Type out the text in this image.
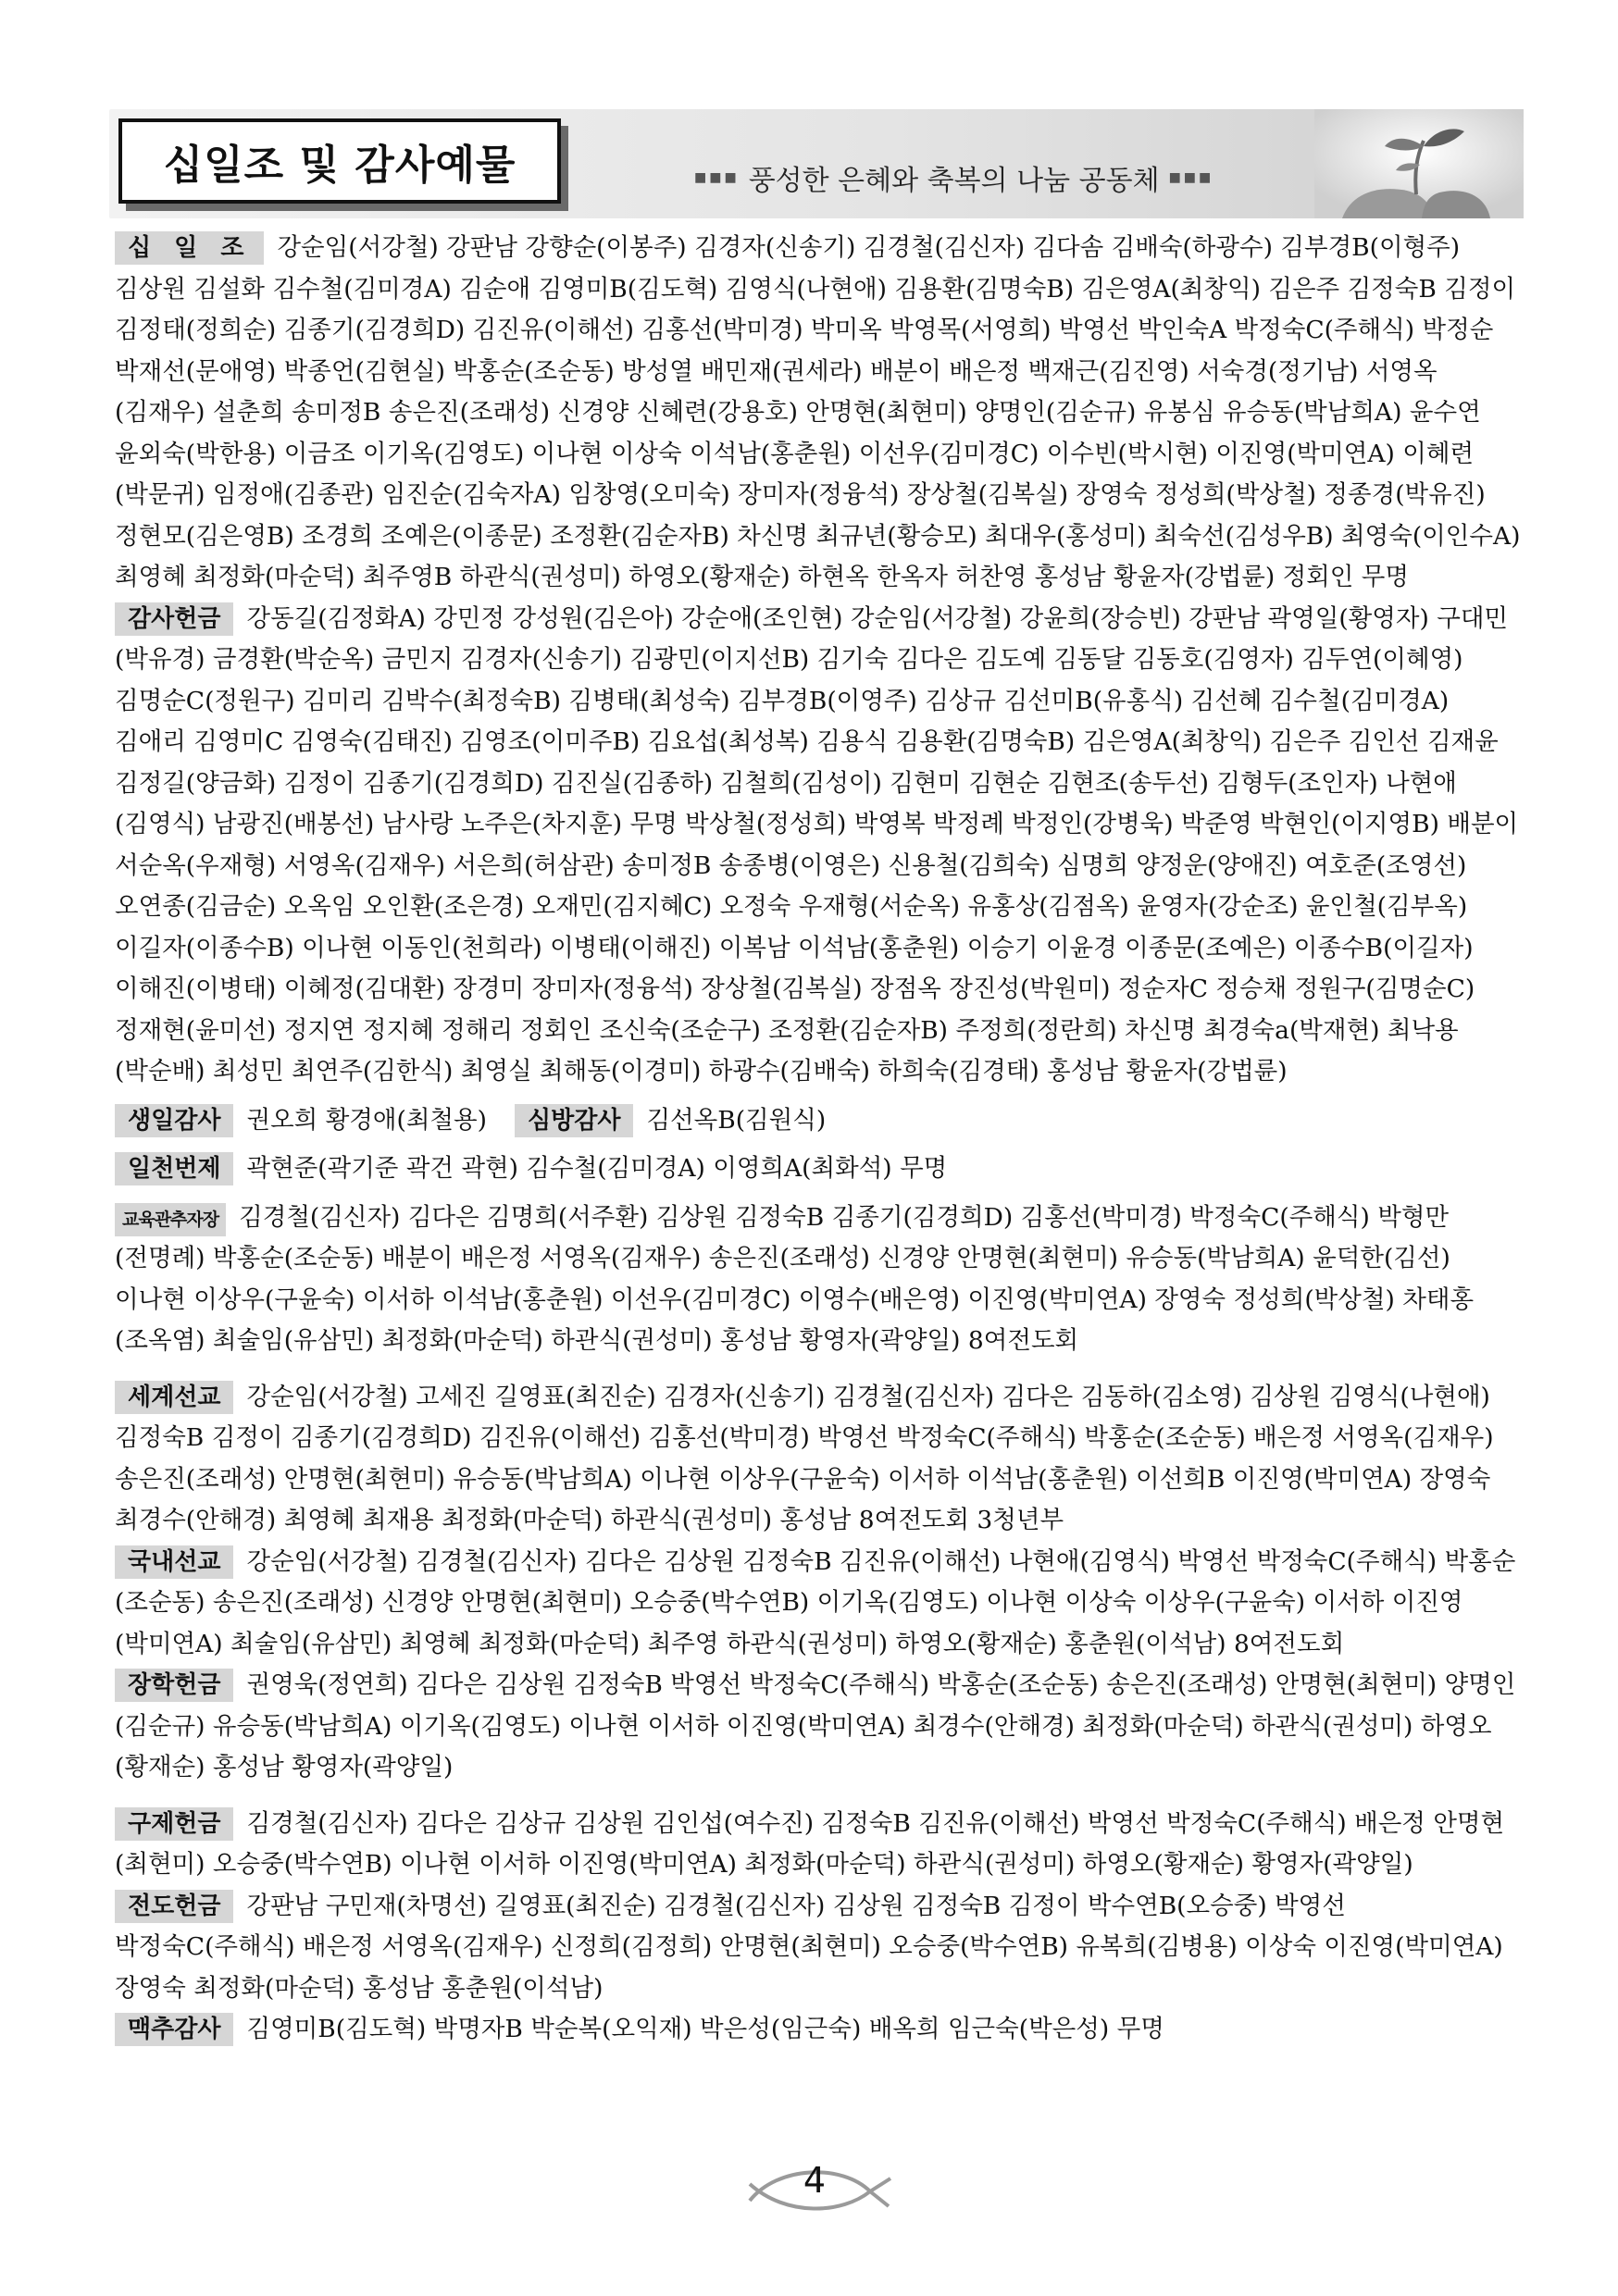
십일조 및 감사예물	■■■ 풍성한 은혜와 축복의 나눔 공동체 ■■■
십 일 조 강순임(서강철) 강판남 강향순(이봉주) 김경자(신송기) 김경철(김신자) 김다솜 김배숙(하광수) 김부경B(이형주) 김상원 김설화 김수철(김미경A) 김순애 김영미B(김도혁) 김영식(나현애) 김용환(김명숙B) 김은영A(최창익) 김은주 김정숙B 김정이 김정태(정희순) 김종기(김경희D) 김진유(이해선) 김홍선(박미경) 박미옥 박영목(서영희) 박영선 박인숙A 박정숙C(주해식) 박정순 박재선(문애영) 박종언(김현실) 박홍순(조순동) 방성열 배민재(권세라) 배분이 배은정 백재근(김진영) 서숙경(정기남) 서영옥(김재우) 설춘희 송미정B 송은진(조래성) 신경양 신혜련(강용호) 안명현(최현미) 양명인(김순규) 유봉심 유승동(박남희A) 윤수연 윤외숙(박한용) 이금조 이기옥(김영도) 이나현 이상숙 이석남(홍춘원) 이선우(김미경C) 이수빈(박시현) 이진영(박미연A) 이혜련(박문귀) 임정애(김종관) 임진순(김숙자A) 임창영(오미숙) 장미자(정융석) 장상철(김복실) 장영숙 정성희(박상철) 정종경(박유진) 정현모(김은영B) 조경희 조예은(이종문) 조정환(김순자B) 차신명 최규년(황승모) 최대우(홍성미) 최숙선(김성우B) 최영숙(이인수A) 최영혜 최정화(마순덕) 최주영B 하관식(권성미) 하영오(황재순) 하현옥 한옥자 허찬영 홍성남 황윤자(강법륜) 정회인 무명
감사헌금 강동길(김정화A) 강민정 강성원(김은아) 강순애(조인현) 강순임(서강철) 강윤희(장승빈) 강판남 곽영일(황영자) 구대민(박유경) 금경환(박순옥) 금민지 김경자(신송기) 김광민(이지선B) 김기숙 김다은 김도예 김동달 김동호(김영자) 김두연(이혜영) 김명순C(정원구) 김미리 김박수(최정숙B) 김병태(최성숙) 김부경B(이영주) 김상규 김선미B(유홍식) 김선혜 김수철(김미경A) 김애리 김영미C 김영숙(김태진) 김영조(이미주B) 김요섭(최성복) 김용식 김용환(김명숙B) 김은영A(최창익) 김은주 김인선 김재윤 김정길(양금화) 김정이 김종기(김경희D) 김진실(김종하) 김철희(김성이) 김현미 김현순 김현조(송두선) 김형두(조인자) 나현애(김영식) 남광진(배봉선) 남사랑 노주은(차지훈) 무명 박상철(정성희) 박영복 박정례 박정인(강병욱) 박준영 박현인(이지영B) 배분이 서순옥(우재형) 서영옥(김재우) 서은희(허삼관) 송미정B 송종병(이영은) 신용철(김희숙) 심명희 양정운(양애진) 여호준(조영선) 오연종(김금순) 오옥임 오인환(조은경) 오재민(김지혜C) 오정숙 우재형(서순옥) 유홍상(김점옥) 윤영자(강순조) 윤인철(김부옥) 이길자(이종수B) 이나현 이동인(천희라) 이병태(이해진) 이복남 이석남(홍춘원) 이승기 이윤경 이종문(조예은) 이종수B(이길자) 이해진(이병태) 이혜정(김대환) 장경미 장미자(정융석) 장상철(김복실) 장점옥 장진성(박원미) 정순자C 정승채 정원구(김명순C) 정재현(윤미선) 정지연 정지혜 정해리 정회인 조신숙(조순구) 조정환(김순자B) 주정희(정란희) 차신명 최경숙a(박재현) 최낙용(박순배) 최성민 최연주(김한식) 최영실 최해동(이경미) 하광수(김배숙) 하희숙(김경태) 홍성남 황윤자(강법륜)
생일감사 권오희 황경애(최철용) 심방감사 김선옥B(김원식)
일천번제 곽현준(곽기준 곽건 곽현) 김수철(김미경A) 이영희A(최화석) 무명
교육관추자장 김경철(김신자) 김다은 김명희(서주환) 김상원 김정숙B 김종기(김경희D) 김홍선(박미경) 박정숙C(주해식) 박형만(전명례) 박홍순(조순동) 배분이 배은정 서영옥(김재우) 송은진(조래성) 신경양 안명현(최현미) 유승동(박남희A) 윤덕한(김선) 이나현 이상우(구윤숙) 이서하 이석남(홍춘원) 이선우(김미경C) 이영수(배은영) 이진영(박미연A) 장영숙 정성희(박상철) 차태홍(조옥염) 최술임(유삼민) 최정화(마순덕) 하관식(권성미) 홍성남 황영자(곽양일) 8여전도회
세계선교 강순임(서강철) 고세진 길영표(최진순) 김경자(신송기) 김경철(김신자) 김다은 김동하(김소영) 김상원 김영식(나현애) 김정숙B 김정이 김종기(김경희D) 김진유(이해선) 김홍선(박미경) 박영선 박정숙C(주해식) 박홍순(조순동) 배은정 서영옥(김재우) 송은진(조래성) 안명현(최현미) 유승동(박남희A) 이나현 이상우(구윤숙) 이서하 이석남(홍춘원) 이선희B 이진영(박미연A) 장영숙 최경수(안해경) 최영혜 최재용 최정화(마순덕) 하관식(권성미) 홍성남 8여전도회 3청년부
국내선교 강순임(서강철) 김경철(김신자) 김다은 김상원 김정숙B 김진유(이해선) 나현애(김영식) 박영선 박정숙C(주해식) 박홍순(조순동) 송은진(조래성) 신경양 안명현(최현미) 오승중(박수연B) 이기옥(김영도) 이나현 이상숙 이상우(구윤숙) 이서하 이진영(박미연A) 최술임(유삼민) 최영혜 최정화(마순덕) 최주영 하관식(권성미) 하영오(황재순) 홍춘원(이석남) 8여전도회
장학헌금 권영욱(정연희) 김다은 김상원 김정숙B 박영선 박정숙C(주해식) 박홍순(조순동) 송은진(조래성) 안명현(최현미) 양명인(김순규) 유승동(박남희A) 이기옥(김영도) 이나현 이서하 이진영(박미연A) 최경수(안해경) 최정화(마순덕) 하관식(권성미) 하영오(황재순) 홍성남 황영자(곽양일)
구제헌금 김경철(김신자) 김다은 김상규 김상원 김인섭(여수진) 김정숙B 김진유(이해선) 박영선 박정숙C(주해식) 배은정 안명현(최현미) 오승중(박수연B) 이나현 이서하 이진영(박미연A) 최정화(마순덕) 하관식(권성미) 하영오(황재순) 황영자(곽양일)
전도헌금 강판남 구민재(차명선) 길영표(최진순) 김경철(김신자) 김상원 김정숙B 김정이 박수연B(오승중) 박영선 박정숙C(주해식) 배은정 서영옥(김재우) 신정희(김정희) 안명현(최현미) 오승중(박수연B) 유복희(김병용) 이상숙 이진영(박미연A) 장영숙 최정화(마순덕) 홍성남 홍춘원(이석남)
맥추감사 김영미B(김도혁) 박명자B 박순복(오익재) 박은성(임근숙) 배옥희 임근숙(박은성) 무명
4
